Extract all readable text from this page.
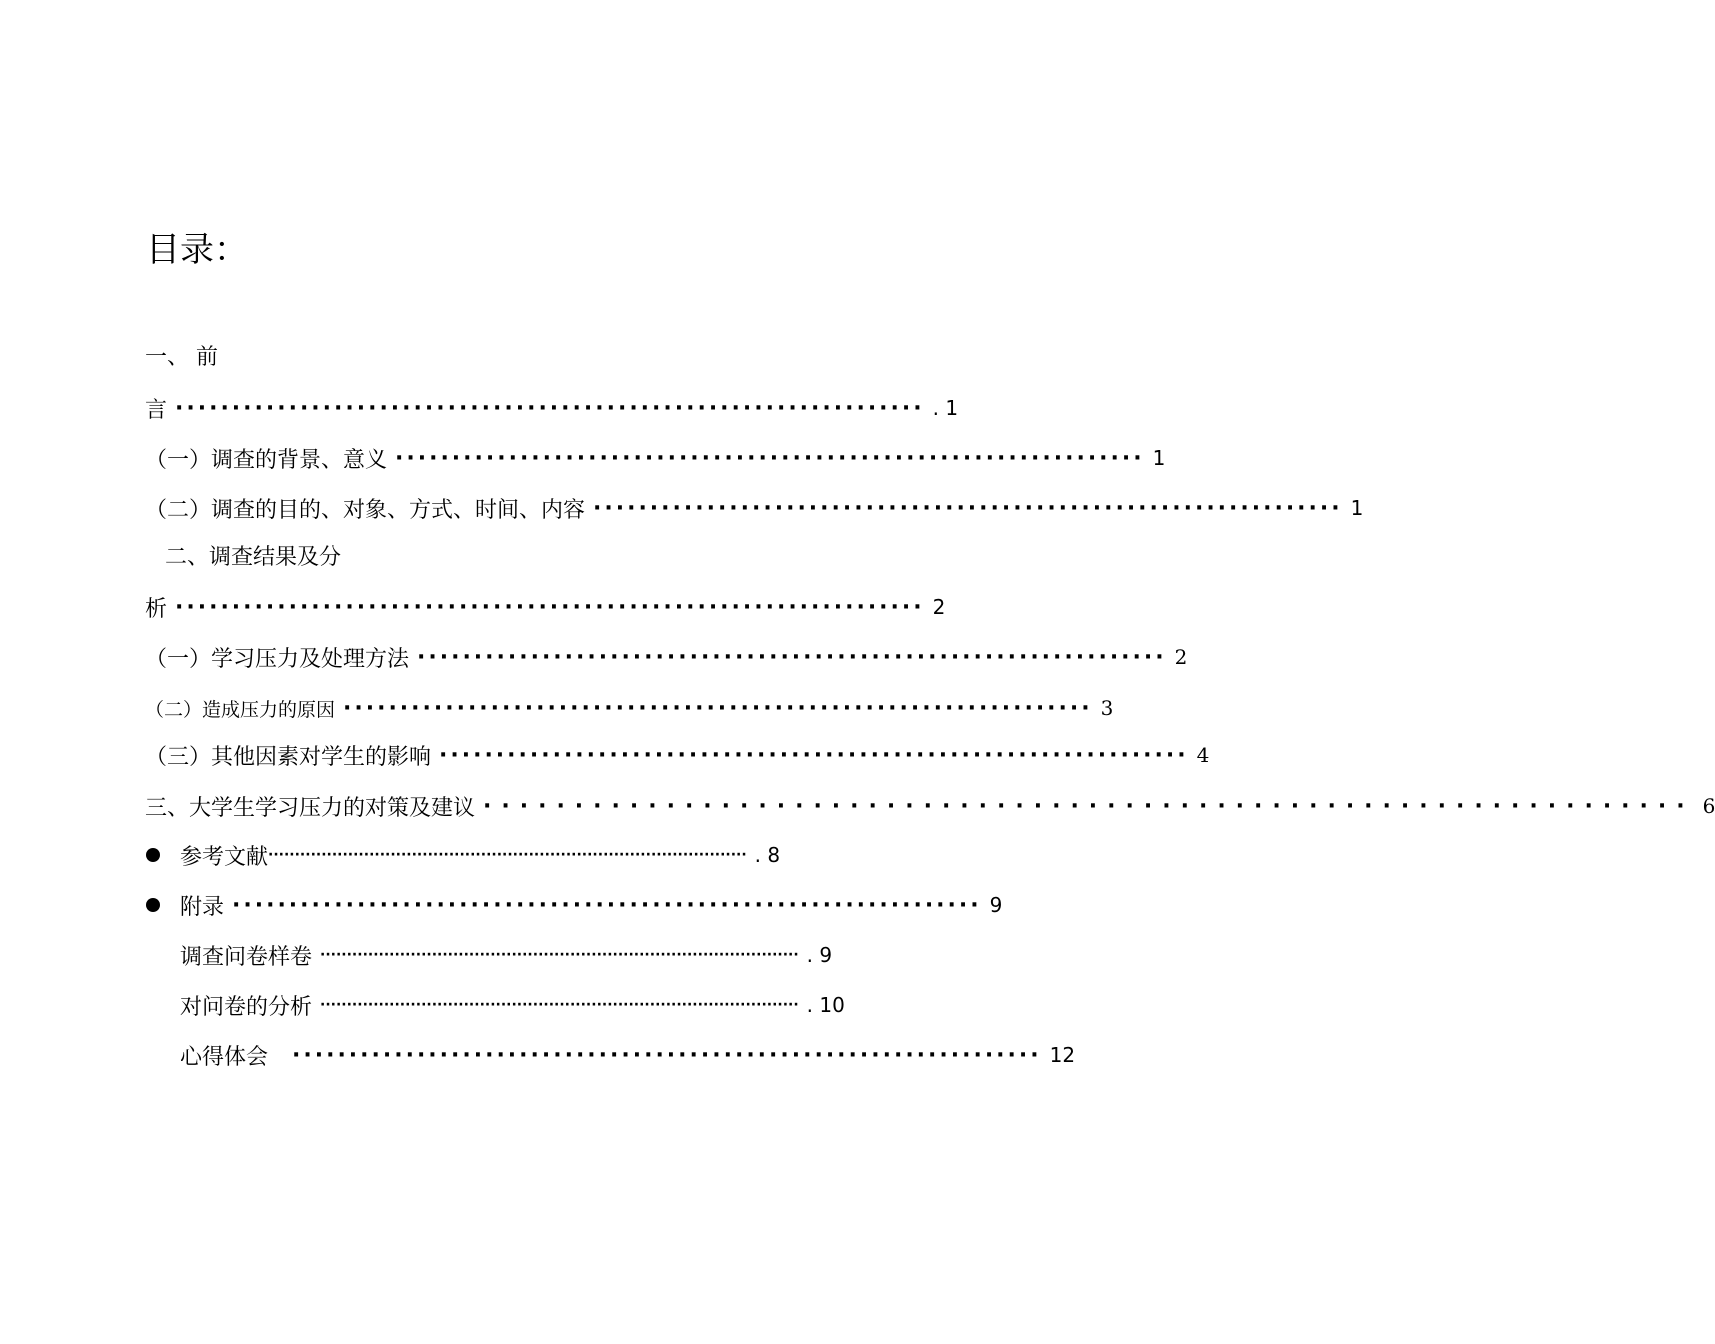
目录：
一、 前
言 ·································································· . 1
（一）调查的背景、意义 ·································································· 1
（二）调查的目的、对象、方式、时间、内容 ·································································· 1
二、调查结果及分
析 ·································································· 2
（一）学习压力及处理方法 ·································································· 2
（二）造成压力的原因 ·································································· 3
（三）其他因素对学生的影响 ·································································· 4
三、大学生学习压力的对策及建议 ·································································· 6
参考文献 ·························································································· . 8
附录 ·································································· 9
调查问卷样卷 ·························································································· . 9
对问卷的分析 ·························································································· . 10
心得体会 ·································································· 12
